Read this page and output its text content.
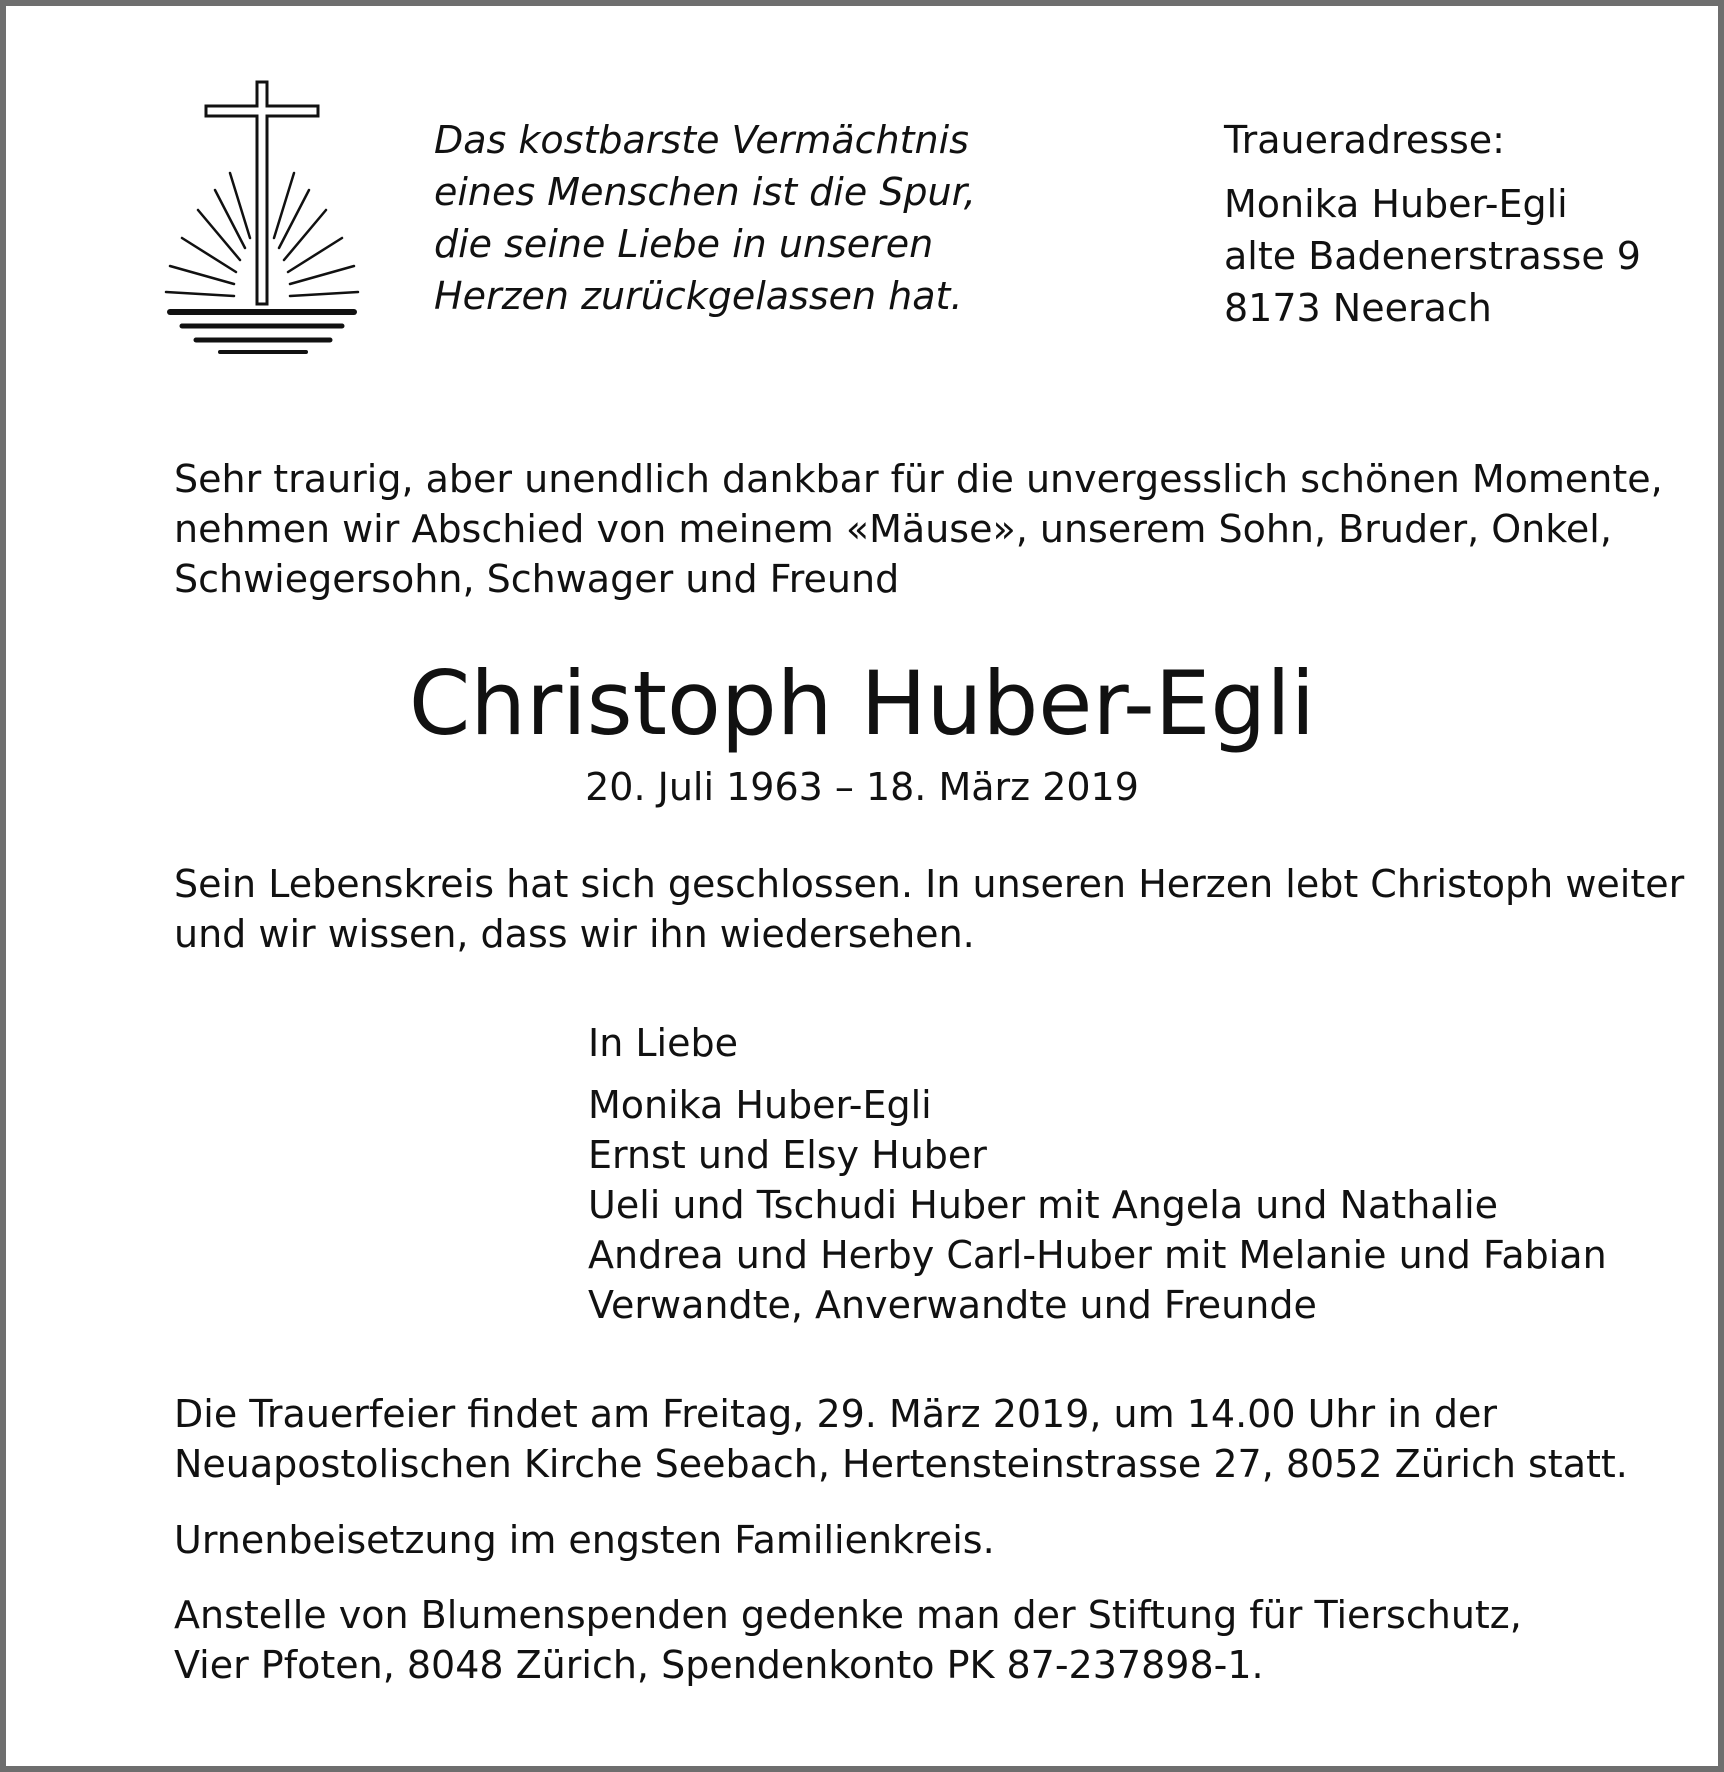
Das kostbarste Vermächtnis
eines Menschen ist die Spur,
die seine Liebe in unseren
Herzen zurückgelassen hat.
Traueradresse:
Monika Huber-Egli
alte Badenerstrasse 9
8173 Neerach
Sehr traurig, aber unendlich dankbar für die unvergesslich schönen Momente,
nehmen wir Abschied von meinem «Mäuse», unserem Sohn, Bruder, Onkel,
Schwiegersohn, Schwager und Freund
Christoph Huber-Egli
20. Juli 1963 – 18. März 2019
Sein Lebenskreis hat sich geschlossen. In unseren Herzen lebt Christoph weiter
und wir wissen, dass wir ihn wiedersehen.
In Liebe
Monika Huber-Egli
Ernst und Elsy Huber
Ueli und Tschudi Huber mit Angela und Nathalie
Andrea und Herby Carl-Huber mit Melanie und Fabian
Verwandte, Anverwandte und Freunde
Die Trauerfeier findet am Freitag, 29. März 2019, um 14.00 Uhr in der
Neuapostolischen Kirche Seebach, Hertensteinstrasse 27, 8052 Zürich statt.
Urnenbeisetzung im engsten Familienkreis.
Anstelle von Blumenspenden gedenke man der Stiftung für Tierschutz,
Vier Pfoten, 8048 Zürich, Spendenkonto PK 87-237898-1.
